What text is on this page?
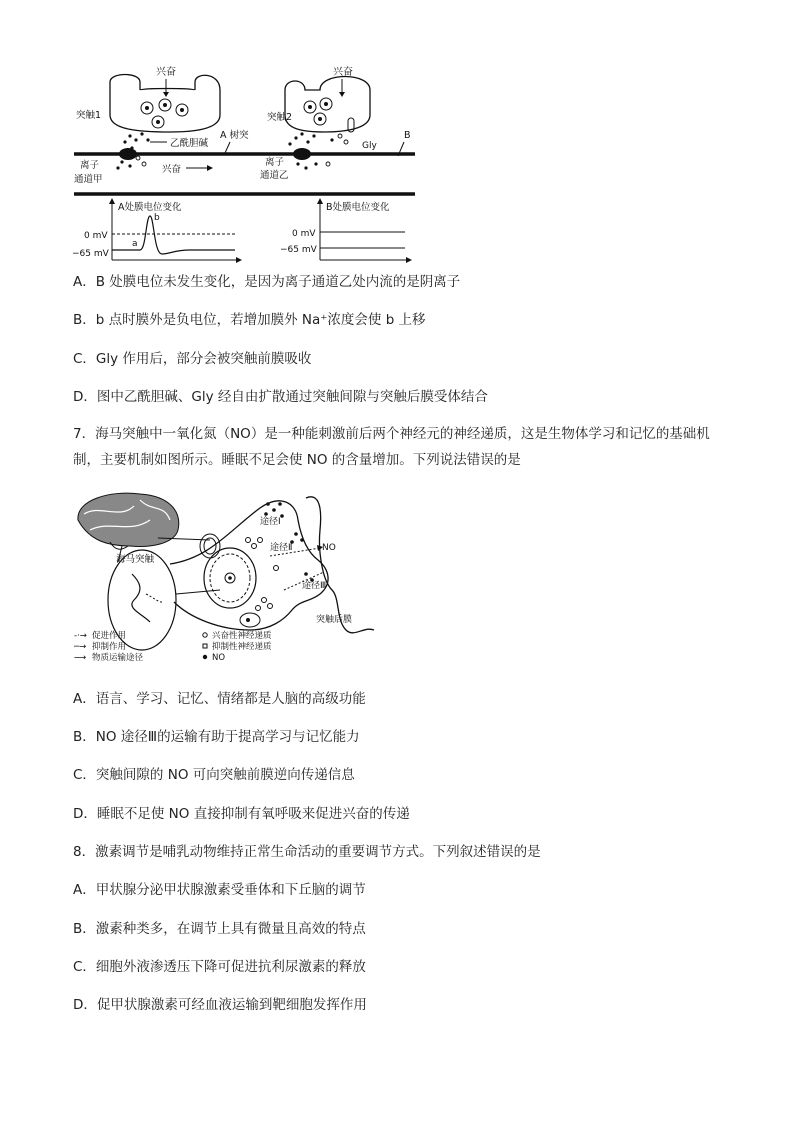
兴奋	兴奋
突触1	突触2
Gly
乙酰胆碱
A 树突	B
离子
通道甲
兴奋
离子
通道乙
A处膜电位变化
0 mV
−65 mV
a
b
B处膜电位变化
0 mV
−65 mV
A．B 处膜电位未发生变化，是因为离子通道乙处内流的是阴离子
B．b 点时膜外是负电位，若增加膜外 Na⁺浓度会使 b 上移
C．Gly 作用后，部分会被突触前膜吸收
D．图中乙酰胆碱、Gly 经自由扩散通过突触间隙与突触后膜受体结合
7．海马突触中一氧化氮（NO）是一种能刺激前后两个神经元的神经递质，这是生物体学习和记忆的基础机制，主要机制如图所示。睡眠不足会使 NO 的含量增加。下列说法错误的是
海马突触
途径Ⅰ
途径Ⅱ
途径Ⅲ
NO
突触后膜
‑·→ 促进作用
─→ 抑制作用
⟶ 物质运输途径
兴奋性神经递质
抑制性神经递质
NO
A．语言、学习、记忆、情绪都是人脑的高级功能
B．NO 途径Ⅲ的运输有助于提高学习与记忆能力
C．突触间隙的 NO 可向突触前膜逆向传递信息
D．睡眠不足使 NO 直接抑制有氧呼吸来促进兴奋的传递
8．激素调节是哺乳动物维持正常生命活动的重要调节方式。下列叙述错误的是
A．甲状腺分泌甲状腺激素受垂体和下丘脑的调节
B．激素种类多，在调节上具有微量且高效的特点
C．细胞外液渗透压下降可促进抗利尿激素的释放
D．促甲状腺激素可经血液运输到靶细胞发挥作用
